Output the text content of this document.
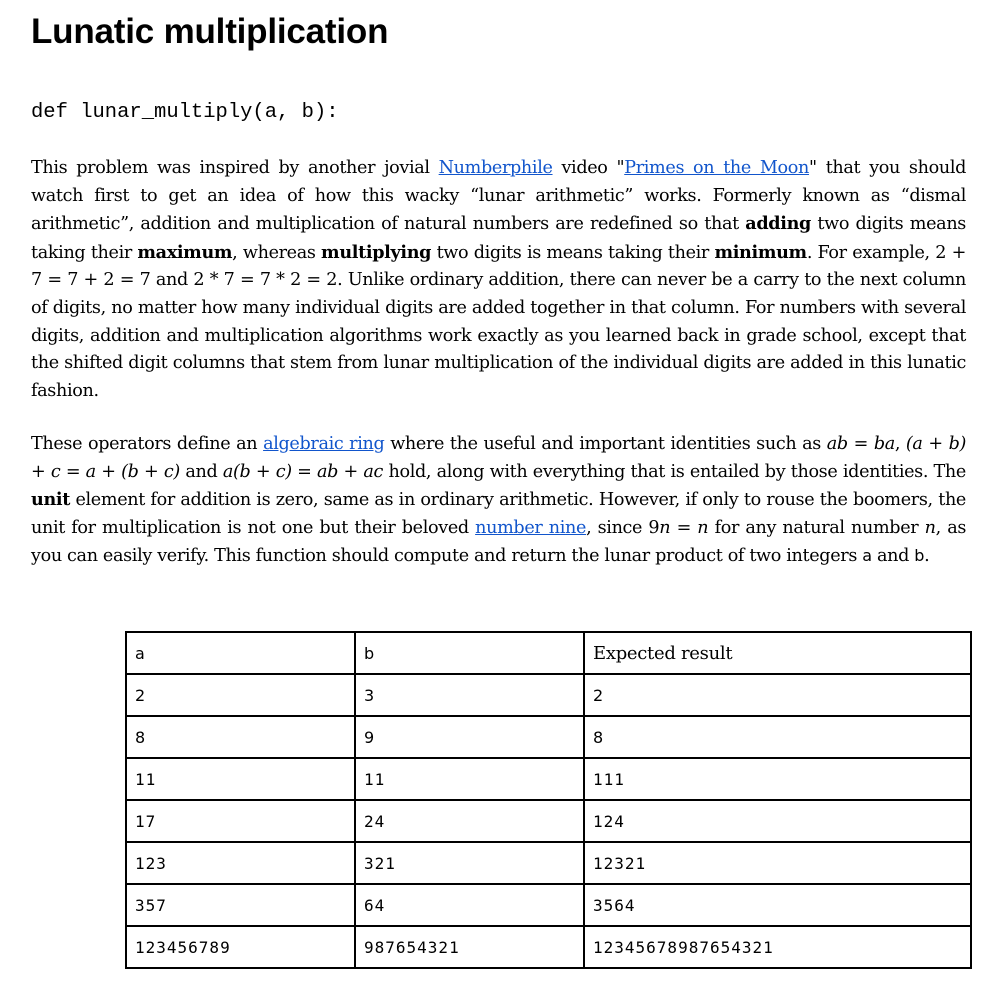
Lunatic multiplication
def lunar_multiply(a, b):

This problem was inspired by another jovial Numberphile video "Primes on the Moon" that you should watch first to get an idea of how this wacky “lunar arithmetic” works. Formerly known as “dismal arithmetic”, addition and multiplication of natural numbers are redefined so that adding two digits means taking their maximum, whereas multiplying two digits is means taking their minimum. For example, 2 + 7 = 7 + 2 = 7 and 2 * 7 = 7 * 2 = 2. Unlike ordinary addition, there can never be a carry to the next column of digits, no matter how many individual digits are added together in that column. For numbers with several digits, addition and multiplication algorithms work exactly as you learned back in grade school, except that the shifted digit columns that stem from lunar multiplication of the individual digits are added in this lunatic fashion.

These operators define an algebraic ring where the useful and important identities such as ab = ba, (a + b) + c = a + (b + c) and a(b + c) = ab + ac hold, along with everything that is entailed by those identities. The unit element for addition is zero, same as in ordinary arithmetic. However, if only to rouse the boomers, the unit for multiplication is not one but their beloved number nine, since 9n = n for any natural number n, as you can easily verify. This function should compute and return the lunar product of two integers a and b.

a	b	Expected result
2	3	2
8	9	8
11	11	111
17	24	124
123	321	12321
357	64	3564
123456789	987654321	12345678987654321
